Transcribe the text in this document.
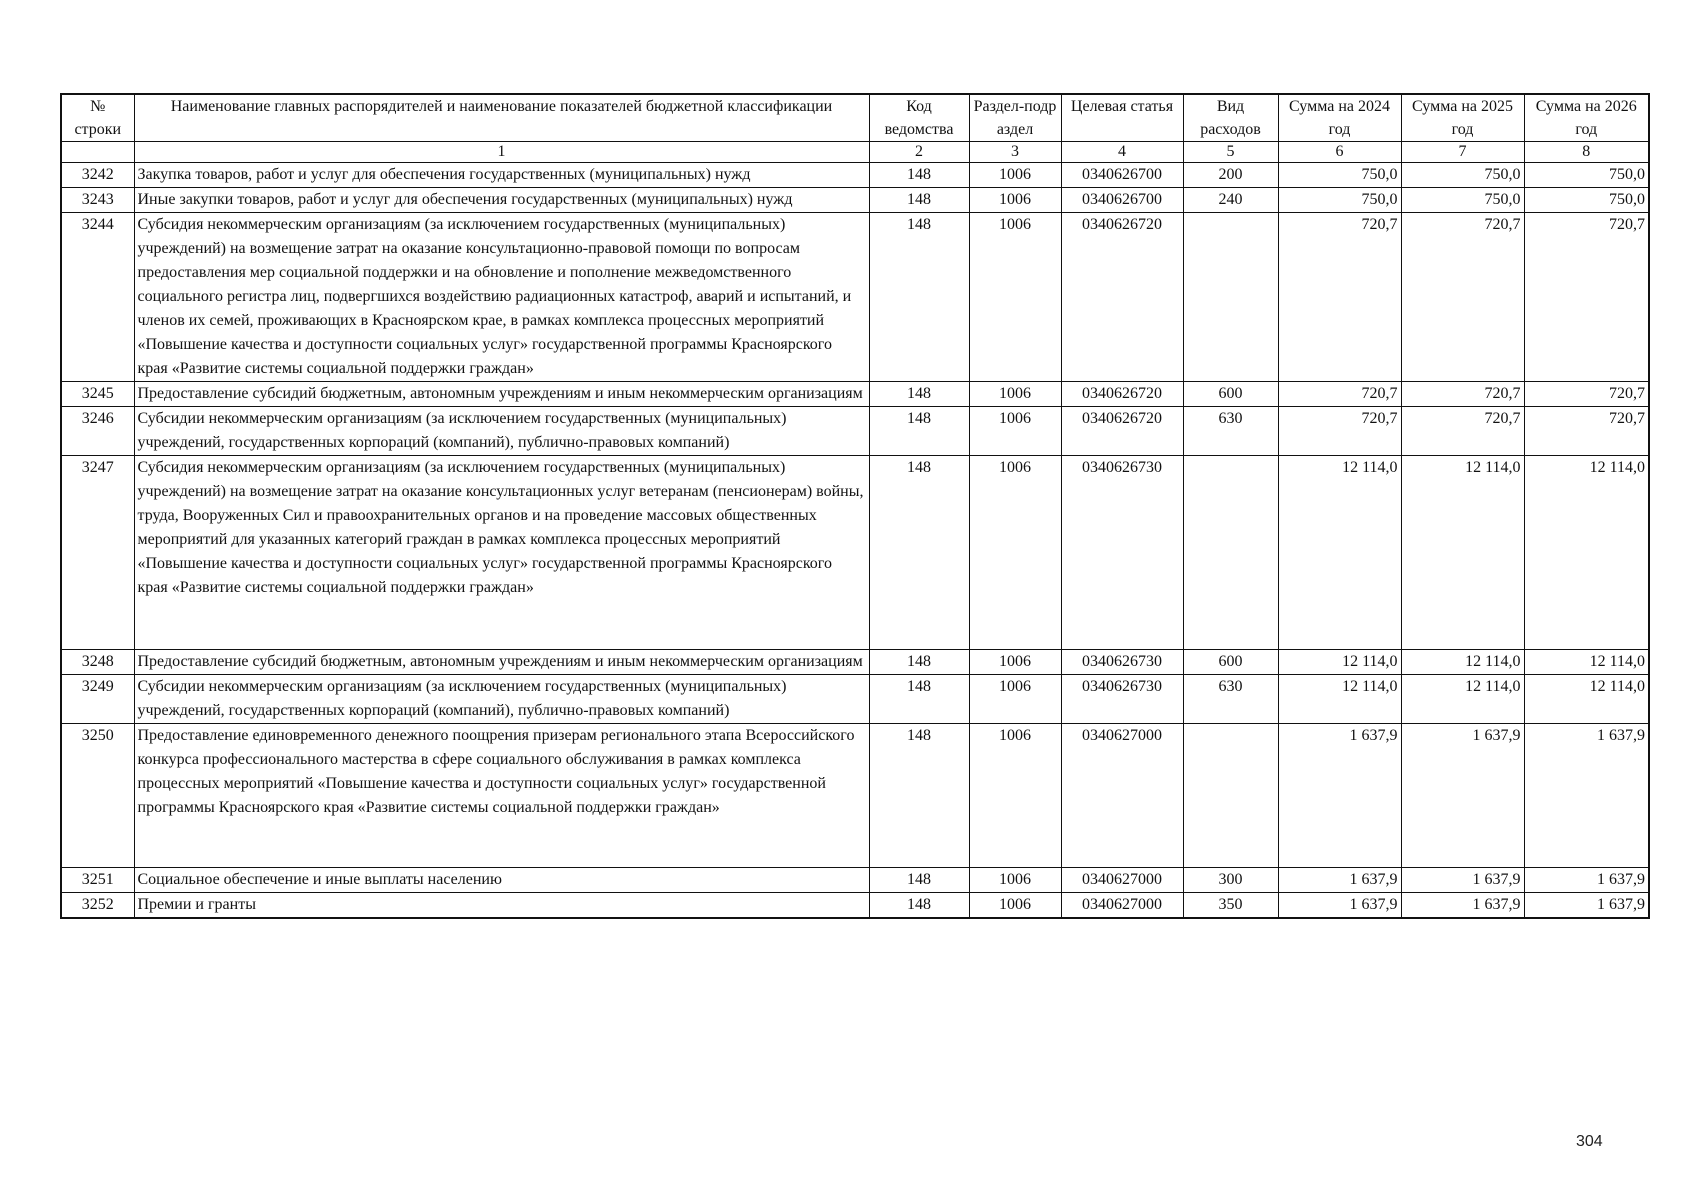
№ строки	Наименование главных распорядителей и наименование показателей бюджетной классификации	Код ведомства	Раздел-подраздел	Целевая статья	Вид расходов	Сумма на 2024 год	Сумма на 2025 год	Сумма на 2026 год
	1	2	3	4	5	6	7	8
3242	Закупка товаров, работ и услуг для обеспечения государственных (муниципальных) нужд	148	1006	0340626700	200	750,0	750,0	750,0
3243	Иные закупки товаров, работ и услуг для обеспечения государственных (муниципальных) нужд	148	1006	0340626700	240	750,0	750,0	750,0
3244	Субсидия некоммерческим организациям (за исключением государственных (муниципальных) учреждений) на возмещение затрат на оказание консультационно-правовой помощи по вопросам предоставления мер социальной поддержки и на обновление и пополнение межведомственного социального регистра лиц, подвергшихся воздействию радиационных катастроф, аварий и испытаний, и членов их семей, проживающих в Красноярском крае, в рамках комплекса процессных мероприятий «Повышение качества и доступности социальных услуг» государственной программы Красноярского края «Развитие системы социальной поддержки граждан»	148	1006	0340626720		720,7	720,7	720,7
3245	Предоставление субсидий бюджетным, автономным учреждениям и иным некоммерческим организациям	148	1006	0340626720	600	720,7	720,7	720,7
3246	Субсидии некоммерческим организациям (за исключением государственных (муниципальных) учреждений, государственных корпораций (компаний), публично-правовых компаний)	148	1006	0340626720	630	720,7	720,7	720,7
3247	Субсидия некоммерческим организациям (за исключением государственных (муниципальных) учреждений) на возмещение затрат на оказание консультационных услуг ветеранам (пенсионерам) войны, труда, Вооруженных Сил и правоохранительных органов и на проведение массовых общественных мероприятий для указанных категорий граждан в рамках комплекса процессных мероприятий «Повышение качества и доступности социальных услуг» государственной программы Красноярского края «Развитие системы социальной поддержки граждан»	148	1006	0340626730		12 114,0	12 114,0	12 114,0
3248	Предоставление субсидий бюджетным, автономным учреждениям и иным некоммерческим организациям	148	1006	0340626730	600	12 114,0	12 114,0	12 114,0
3249	Субсидии некоммерческим организациям (за исключением государственных (муниципальных) учреждений, государственных корпораций (компаний), публично-правовых компаний)	148	1006	0340626730	630	12 114,0	12 114,0	12 114,0
3250	Предоставление единовременного денежного поощрения призерам регионального этапа Всероссийского конкурса профессионального мастерства в сфере социального обслуживания в рамках комплекса процессных мероприятий «Повышение качества и доступности социальных услуг» государственной программы Красноярского края «Развитие системы социальной поддержки граждан»	148	1006	0340627000		1 637,9	1 637,9	1 637,9
3251	Социальное обеспечение и иные выплаты населению	148	1006	0340627000	300	1 637,9	1 637,9	1 637,9
3252	Премии и гранты	148	1006	0340627000	350	1 637,9	1 637,9	1 637,9
304
